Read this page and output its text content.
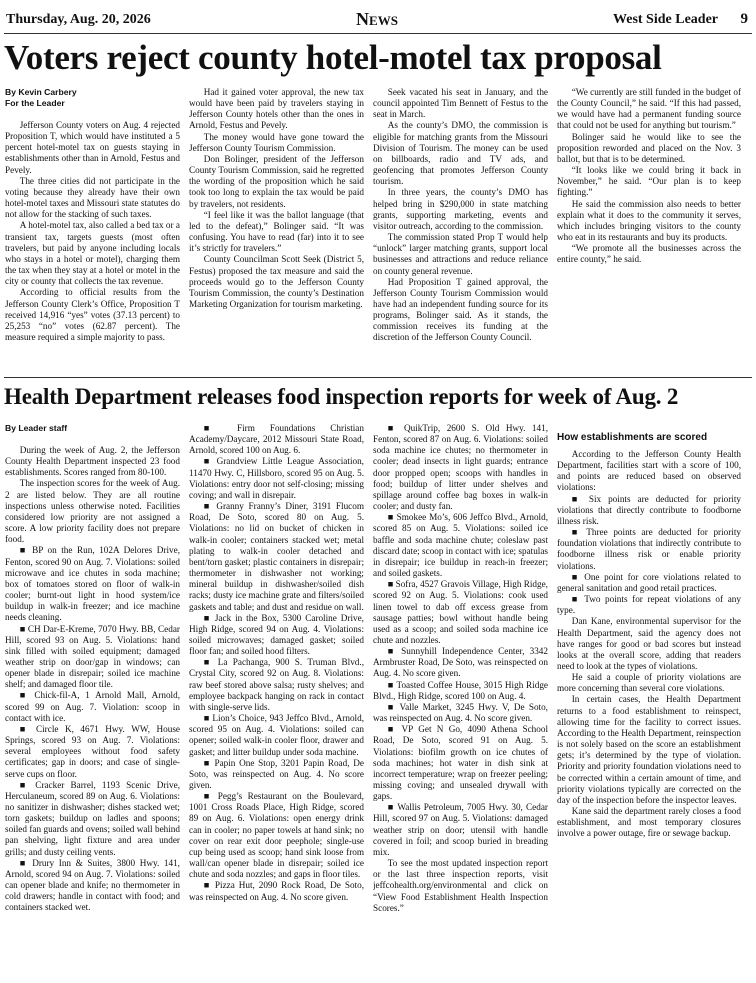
Thursday, Aug. 20, 2026	News	West Side Leader 9
Voters reject county hotel-motel tax proposal

By Kevin Carbery

For the Leader

Jefferson County voters on Aug. 4 rejected Proposition T, which would have instituted a 5 percent hotel-motel tax on guests staying in establishments other than in Arnold, Festus and Pevely.

The three cities did not participate in the voting because they already have their own hotel-motel taxes and Missouri state statutes do not allow for the stacking of such taxes.

A hotel-motel tax, also called a bed tax or a transient tax, targets guests (most often travelers, but paid by anyone including locals who stays in a hotel or motel), charging them the tax when they stay at a hotel or motel in the city or county that collects the tax revenue.

According to official results from the Jefferson County Clerk’s Office, Proposition T received 14,916 “yes” votes (37.13 percent) to 25,253 “no” votes (62.87 percent). The measure required a simple majority to pass.

Had it gained voter approval, the new tax would have been paid by travelers staying in Jefferson County hotels other than the ones in Arnold, Festus and Pevely.

The money would have gone toward the Jefferson County Tourism Commission.

Don Bolinger, president of the Jefferson County Tourism Commission, said he regretted the wording of the proposition which he said took too long to explain the tax would be paid by travelers, not residents.

“I feel like it was the ballot language (that led to the defeat),” Bolinger said. “It was confusing. You have to read (far) into it to see it’s strictly for travelers.”

County Councilman Scott Seek (District 5, Festus) proposed the tax measure and said the proceeds would go to the Jefferson County Tourism Commission, the county’s Destination Marketing Organization for tourism marketing.

Seek vacated his seat in January, and the council appointed Tim Bennett of Festus to the seat in March.

As the county’s DMO, the commission is eligible for matching grants from the Missouri Division of Tourism. The money can be used on billboards, radio and TV ads, and geofencing that promotes Jefferson County tourism.

In three years, the county’s DMO has helped bring in $290,000 in state matching grants, supporting marketing, events and visitor outreach, according to the commission.

The commission stated Prop T would help “unlock” larger matching grants, support local businesses and attractions and reduce reliance on county general revenue.

Had Proposition T gained approval, the Jefferson County Tourism Commission would have had an independent funding source for its programs, Bolinger said. As it stands, the commission receives its funding at the discretion of the Jefferson County Council.

“We currently are still funded in the budget of the County Council,” he said. “If this had passed, we would have had a permanent funding source that could not be used for anything but tourism.”

Bolinger said he would like to see the proposition reworded and placed on the Nov. 3 ballot, but that is to be determined.

“It looks like we could bring it back in November,” he said. “Our plan is to keep fighting.”

He said the commission also needs to better explain what it does to the community it serves, which includes bringing visitors to the county who eat in its restaurants and buy its products.

“We promote all the businesses across the entire county,” he said.

Health Department releases food inspection reports for week of Aug. 2

By Leader staff

During the week of Aug. 2, the Jefferson County Health Department inspected 23 food establishments. Scores ranged from 80-100.

The inspection scores for the week of Aug. 2 are listed below. They are all routine inspections unless otherwise noted. Facilities considered low priority are not assigned a score. A low priority facility does not prepare food.

■ BP on the Run, 102A Delores Drive, Fenton, scored 90 on Aug. 7. Violations: soiled microwave and ice chutes in soda machine; box of tomatoes stored on floor of walk-in cooler; burnt-out light in hood system/ice buildup in walk-in freezer; and ice machine needs cleaning.

■ CH Dar-E-Kreme, 7070 Hwy. BB, Cedar Hill, scored 93 on Aug. 5. Violations: hand sink filled with soiled equipment; damaged weather strip on door/gap in windows; can opener blade in disrepair; soiled ice machine shelf; and damaged floor tile.

■ Chick-fil-A, 1 Arnold Mall, Arnold, scored 99 on Aug. 7. Violation: scoop in contact with ice.

■ Circle K, 4671 Hwy. WW, House Springs, scored 93 on Aug. 7. Violations: several employees without food safety certificates; gap in doors; and case of single-serve cups on floor.

■ Cracker Barrel, 1193 Scenic Drive, Herculaneum, scored 89 on Aug. 6. Violations: no sanitizer in dishwasher; dishes stacked wet; torn gaskets; buildup on ladles and spoons; soiled fan guards and ovens; soiled wall behind pan shelving, light fixture and area under grills; and dusty ceiling vents.

■ Drury Inn & Suites, 3800 Hwy. 141, Arnold, scored 94 on Aug. 7. Violations: soiled can opener blade and knife; no thermometer in cold drawers; handle in contact with food; and containers stacked wet.

■ Firm Foundations Christian Academy/Daycare, 2012 Missouri State Road, Arnold, scored 100 on Aug. 6.

■ Grandview Little League Association, 11470 Hwy. C, Hillsboro, scored 95 on Aug. 5. Violations: entry door not self-closing; missing coving; and wall in disrepair.

■ Granny Franny’s Diner, 3191 Flucom Road, De Soto, scored 80 on Aug. 5. Violations: no lid on bucket of chicken in walk-in cooler; containers stacked wet; metal plating to walk-in cooler detached and bent/torn gasket; plastic containers in disrepair; thermometer in dishwasher not working; mineral buildup in dishwasher/soiled dish racks; dusty ice machine grate and filters/soiled gaskets and table; and dust and residue on wall.

■ Jack in the Box, 5300 Caroline Drive, High Ridge, scored 94 on Aug. 4. Violations: soiled microwaves; damaged gasket; soiled floor fan; and soiled hood filters.

■ La Pachanga, 900 S. Truman Blvd., Crystal City, scored 92 on Aug. 8. Violations: raw beef stored above salsa; rusty shelves; and employee backpack hanging on rack in contact with single-serve lids.

■ Lion’s Choice, 943 Jeffco Blvd., Arnold, scored 95 on Aug. 4. Violations: soiled can opener; soiled walk-in cooler floor, drawer and gasket; and litter buildup under soda machine.

■ Papin One Stop, 3201 Papin Road, De Soto, was reinspected on Aug. 4. No score given.

■ Pegg’s Restaurant on the Boulevard, 1001 Cross Roads Place, High Ridge, scored 89 on Aug. 6. Violations: open energy drink can in cooler; no paper towels at hand sink; no cover on rear exit door peephole; single-use cup being used as scoop; hand sink loose from wall/can opener blade in disrepair; soiled ice chute and soda nozzles; and gaps in floor tiles.

■ Pizza Hut, 2090 Rock Road, De Soto, was reinspected on Aug. 4. No score given.

■ QuikTrip, 2600 S. Old Hwy. 141, Fenton, scored 87 on Aug. 6. Violations: soiled soda machine ice chutes; no thermometer in cooler; dead insects in light guards; entrance door propped open; scoops with handles in food; buildup of litter under shelves and spillage around coffee bag boxes in walk-in cooler; and dusty fan.

■ Smokee Mo’s, 606 Jeffco Blvd., Arnold, scored 85 on Aug. 5. Violations: soiled ice baffle and soda machine chute; coleslaw past discard date; scoop in contact with ice; spatulas in disrepair; ice buildup in reach-in freezer; and soiled gaskets.

■ Sofra, 4527 Gravois Village, High Ridge, scored 92 on Aug. 5. Violations: cook used linen towel to dab off excess grease from sausage patties; bowl without handle being used as a scoop; and soiled soda machine ice chute and nozzles.

■ Sunnyhill Independence Center, 3342 Armbruster Road, De Soto, was reinspected on Aug. 4. No score given.

■ Toasted Coffee House, 3015 High Ridge Blvd., High Ridge, scored 100 on Aug. 4.

■ Valle Market, 3245 Hwy. V, De Soto, was reinspected on Aug. 4. No score given.

■ VP Get N Go, 4090 Athena School Road, De Soto, scored 91 on Aug. 5. Violations: biofilm growth on ice chutes of soda machines; hot water in dish sink at incorrect temperature; wrap on freezer peeling; missing coving; and unsealed drywall with gaps.

■ Wallis Petroleum, 7005 Hwy. 30, Cedar Hill, scored 97 on Aug. 5. Violations: damaged weather strip on door; utensil with handle covered in foil; and scoop buried in breading mix.

To see the most updated inspection report or the last three inspection reports, visit jeffcohealth.org/environmental and click on “View Food Establishment Health Inspection Scores.”

How establishments are scored

According to the Jefferson County Health Department, facilities start with a score of 100, and points are reduced based on observed violations:

■ Six points are deducted for priority violations that directly contribute to foodborne illness risk.

■ Three points are deducted for priority foundation violations that indirectly contribute to foodborne illness risk or enable priority violations.

■ One point for core violations related to general sanitation and good retail practices.

■ Two points for repeat violations of any type.

Dan Kane, environmental supervisor for the Health Department, said the agency does not have ranges for good or bad scores but instead looks at the overall score, adding that readers need to look at the types of violations.

He said a couple of priority violations are more concerning than several core violations.

In certain cases, the Health Department returns to a food establishment to reinspect, allowing time for the facility to correct issues. According to the Health Department, reinspection is not solely based on the score an establishment gets; it’s determined by the type of violation. Priority and priority foundation violations need to be corrected within a certain amount of time, and priority violations typically are corrected on the day of the inspection before the inspector leaves.

Kane said the department rarely closes a food establishment, and most temporary closures involve a power outage, fire or sewage backup.
